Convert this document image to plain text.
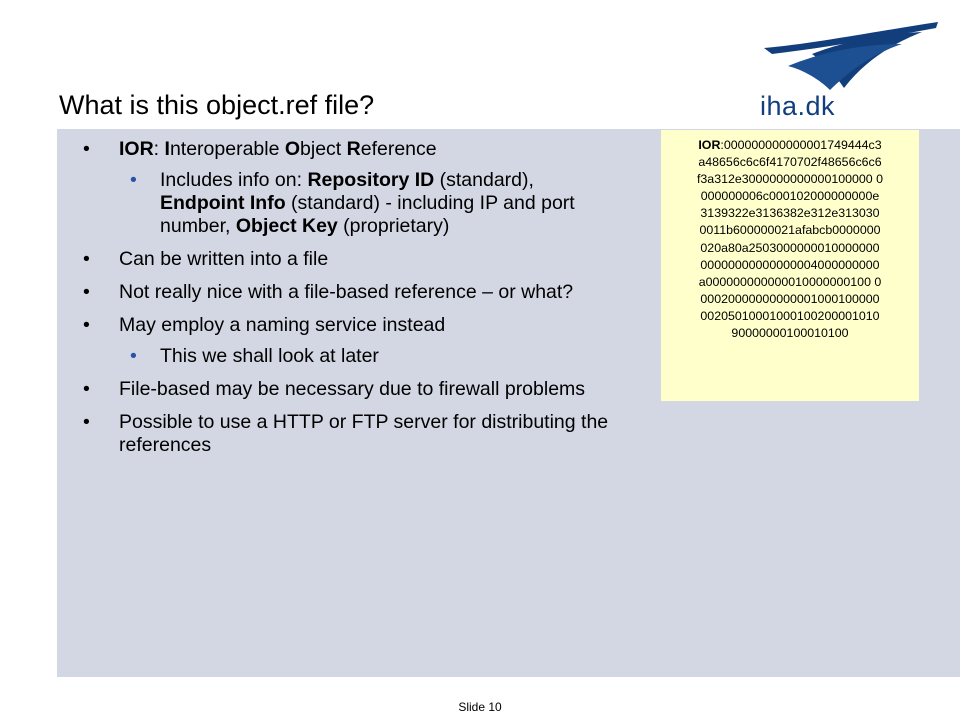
iha.dk
What is this object.ref file?
• IOR: Interoperable Object Reference
• Includes info on: Repository ID (standard), Endpoint Info (standard) - including IP and port number, Object Key (proprietary)
• Can be written into a file
• Not really nice with a file-based reference – or what?
• May employ a naming service instead
• This we shall look at later
• File-based may be necessary due to firewall problems
• Possible to use a HTTP or FTP server for distributing the references
IOR:000000000000001749444c3
a48656c6c6f4170702f48656c6c6
f3a312e3000000000000100000 0
000000006c000102000000000e
3139322e3136382e312e313030
0011b600000021afabcb0000000
020a80a2503000000010000000
00000000000000004000000000
a000000000000010000000100 0
00020000000000001000100000
00205010001000100200001010
90000000100010100
Slide 10
